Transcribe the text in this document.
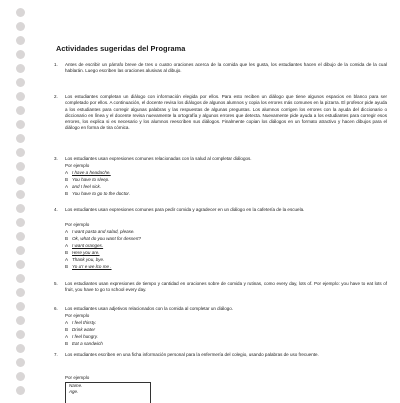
Actividades sugeridas del Programa
1.	Antes de escribir un párrafo breve de tres o cuatro oraciones acerca de la comida que les gusta, los estudiantes hacen el dibujo de la comida de la cual hablarán. Luego escriben las oraciones alusivas al dibujo.
2.	Los estudiantes completan un diálogo con información elegida por ellos. Para esto reciben un diálogo que tiene algunos espacios en blanco para ser completado por ellos. A continuación, el docente revisa los diálogos de algunos alumnos y copia los errores más comunes en la pizarra. El profesor pide ayuda a los estudiantes para corregir algunas palabras y las respuestas de algunas preguntas. Los alumnos corrigen los errores con la ayuda del diccionario o diccionario en línea y el docente revisa nuevamente la ortografía y algunos errores que detecta. Nuevamente pide ayuda a los estudiantes para corregir esos errores, los explica si es necesario y los alumnos reescriben sus diálogos. Finalmente copian los diálogos en un formato atractivo y hacen dibujos para el diálogo en forma de tira cómica.
3.	Los estudiantes usan expresiones comunes relacionadas con la salud al completar diálogos.
Por ejemplo
A I have a headache.
B You have to sleep.
A and I feel sick.
B You have to go to the doctor.
4.	Los estudiantes usan expresiones comunes para pedir comida y agradecer en un diálogo en la cafetería de la escuela.
Por ejemplo
A I want pasta and salad, please.
B Ok, what do you want for dessert?
A I want oranges.
B Here you are.
A Thank you, bye.
B Yo u'r e we lco me .
5.	Los estudiantes usan expresiones de tiempo y cantidad en oraciones sobre de comida y rutinas, como every day, lots of. Por ejemplo: you have to eat lots of fruit, you have to go to school every day.
6.	Los estudiantes usan adjetivos relacionados con la comida al completar un diálogo.
Por ejemplo
A I feel thirsty.
B Drink water
A I feel hungry.
B Eat a sandwich
7.	Los estudiantes escriben en una ficha información personal para la enfermería del colegio, usando palabras de uso frecuente.
Por ejemplo
Name.
Age.
